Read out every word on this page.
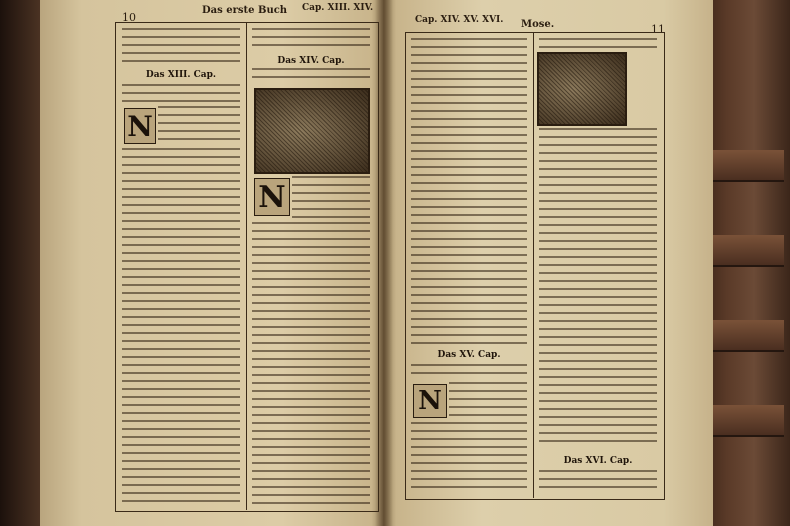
10
Das erste Buch Cap. XIII. XIV.
Das XIII. Cap.
N
Das XIV. Cap.
N
Cap. XIV. XV. XVI. Mose.	11
Das XV. Cap.
N
Das XVI. Cap.
